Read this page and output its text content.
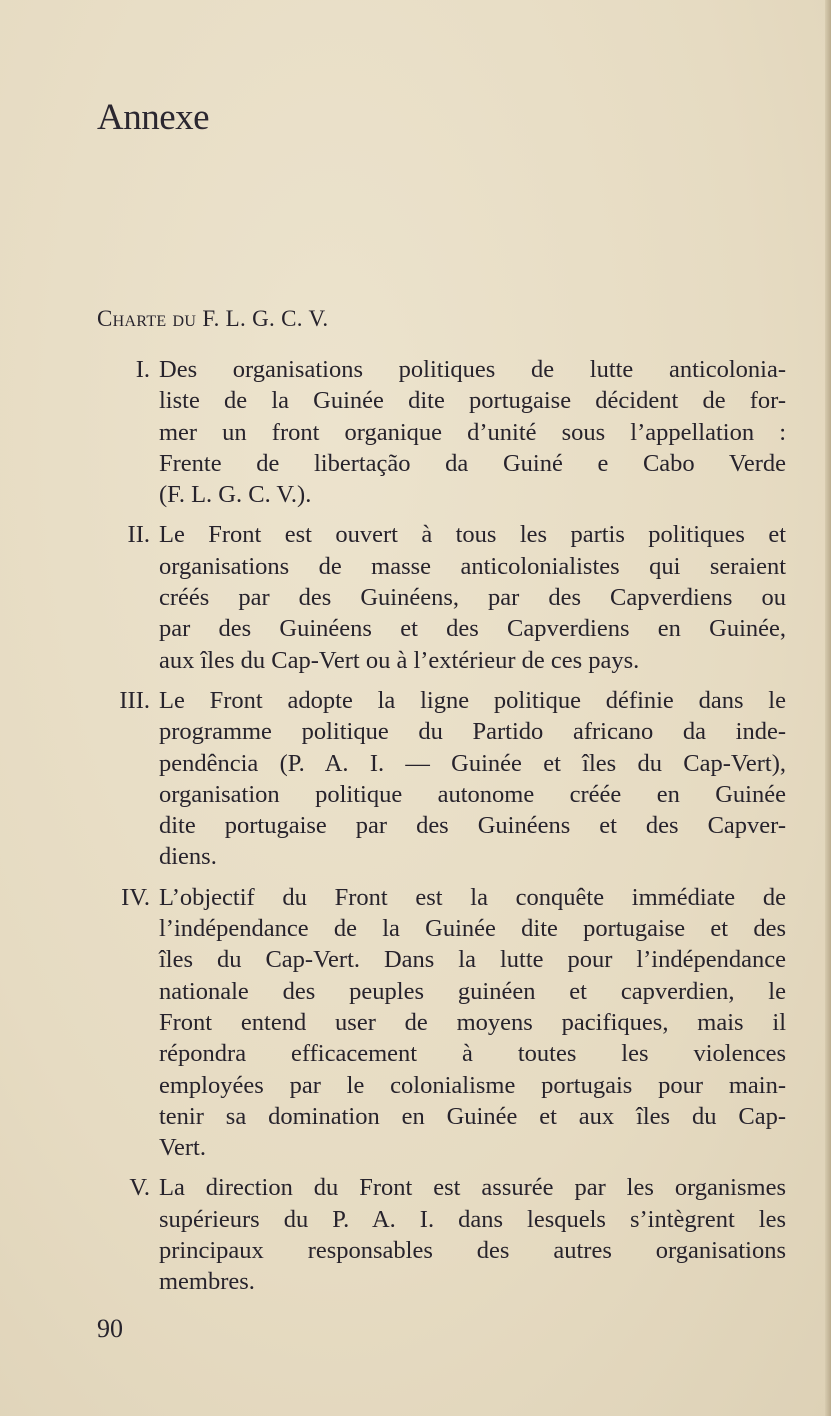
Annexe
Charte du F. L. G. C. V.
I. Des organisations politiques de lutte anticolonia-
liste de la Guinée dite portugaise décident de for-
mer un front organique d’unité sous l’appellation :
Frente de libertação da Guiné e Cabo Verde
(F. L. G. C. V.).
II. Le Front est ouvert à tous les partis politiques et
organisations de masse anticolonialistes qui seraient
créés par des Guinéens, par des Capverdiens ou
par des Guinéens et des Capverdiens en Guinée,
aux îles du Cap-Vert ou à l’extérieur de ces pays.
III. Le Front adopte la ligne politique définie dans le
programme politique du Partido africano da inde-
pendência (P. A. I. — Guinée et îles du Cap-Vert),
organisation politique autonome créée en Guinée
dite portugaise par des Guinéens et des Capver-
diens.
IV. L’objectif du Front est la conquête immédiate de
l’indépendance de la Guinée dite portugaise et des
îles du Cap-Vert. Dans la lutte pour l’indépendance
nationale des peuples guinéen et capverdien, le
Front entend user de moyens pacifiques, mais il
répondra efficacement à toutes les violences
employées par le colonialisme portugais pour main-
tenir sa domination en Guinée et aux îles du Cap-
Vert.
V. La direction du Front est assurée par les organismes
supérieurs du P. A. I. dans lesquels s’intègrent les
principaux responsables des autres organisations
membres.
90
